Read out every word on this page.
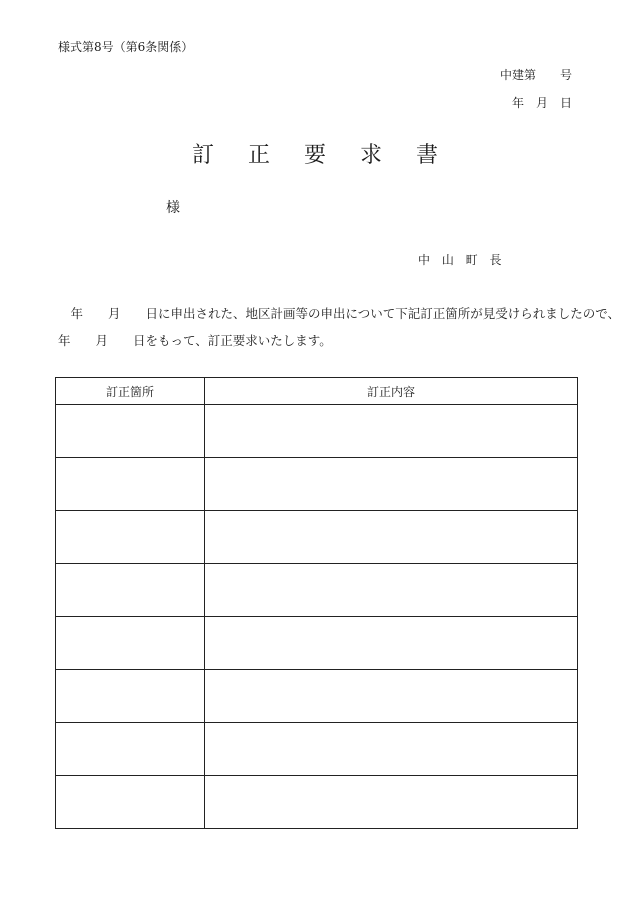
様式第8号（第6条関係）
中建第　　号
年　月　日
訂正要求書
様
中 山 町 長
　年　　月　　日に申出された、地区計画等の申出について下記訂正箇所が見受けられましたので、
年　　月　　日をもって、訂正要求いたします。
訂正箇所	訂正内容
